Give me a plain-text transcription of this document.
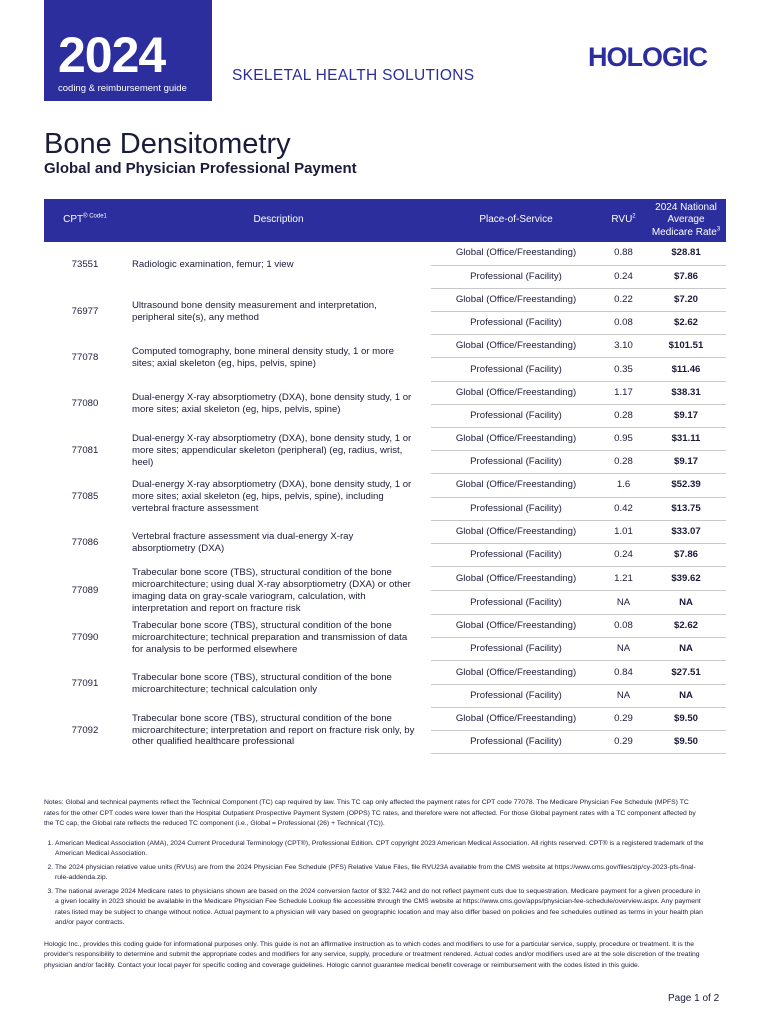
2024
coding & reimbursement guide
SKELETAL HEALTH SOLUTIONS
HOLOGIC
Bone Densitometry
Global and Physician Professional Payment
$CPT^{® Code1}$	Description	Place-of-Service	RVU$^2$	2024 National Average Medicare Rate$^3$
73551	Radiologic examination, femur; 1 view	Global (Office/Freestanding)	0.88	$28.81
		Professional (Facility)	0.24	$7.86
76977	Ultrasound bone density measurement and interpretation, peripheral site(s), any method	Global (Office/Freestanding)	0.22	$7.20
		Professional (Facility)	0.08	$2.62
77078	Computed tomography, bone mineral density study, 1 or more sites; axial skeleton (eg, hips, pelvis, spine)	Global (Office/Freestanding)	3.10	$101.51
		Professional (Facility)	0.35	$11.46
77080	Dual-energy X-ray absorptiometry (DXA), bone density study, 1 or more sites; axial skeleton (eg, hips, pelvis, spine)	Global (Office/Freestanding)	1.17	$38.31
		Professional (Facility)	0.28	$9.17
77081	Dual-energy X-ray absorptiometry (DXA), bone density study, 1 or more sites; appendicular skeleton (peripheral) (eg, radius, wrist, heel)	Global (Office/Freestanding)	0.95	$31.11
		Professional (Facility)	0.28	$9.17
77085	Dual-energy X-ray absorptiometry (DXA), bone density study, 1 or more sites; axial skeleton (eg, hips, pelvis, spine), including vertebral fracture assessment	Global (Office/Freestanding)	1.6	$52.39
		Professional (Facility)	0.42	$13.75
77086	Vertebral fracture assessment via dual-energy X-ray absorptiometry (DXA)	Global (Office/Freestanding)	1.01	$33.07
		Professional (Facility)	0.24	$7.86
77089	Trabecular bone score (TBS), structural condition of the bone microarchitecture; using dual X-ray absorptiometry (DXA) or other imaging data on gray-scale variogram, calculation, with interpretation and report on fracture risk	Global (Office/Freestanding)	1.21	$39.62
		Professional (Facility)	NA	NA
77090	Trabecular bone score (TBS), structural condition of the bone microarchitecture; technical preparation and transmission of data for analysis to be performed elsewhere	Global (Office/Freestanding)	0.08	$2.62
		Professional (Facility)	NA	NA
77091	Trabecular bone score (TBS), structural condition of the bone microarchitecture; technical calculation only	Global (Office/Freestanding)	0.84	$27.51
		Professional (Facility)	NA	NA
77092	Trabecular bone score (TBS), structural condition of the bone microarchitecture; interpretation and report on fracture risk only, by other qualified healthcare professional	Global (Office/Freestanding)	0.29	$9.50
		Professional (Facility)	0.29	$9.50

Notes: Global and technical payments reflect the Technical Component (TC) cap required by law. This TC cap only affected the payment rates for CPT code 77078. The Medicare Physician Fee Schedule (MPFS) TC rates for the other CPT codes were lower than the Hospital Outpatient Prospective Payment System (OPPS) TC rates, and therefore were not affected. For those Global payment rates with a TC component affected by the TC cap, the Global rate reflects the reduced TC component (i.e., Global = Professional (26) + Technical (TC)).

1. American Medical Association (AMA), 2024 Current Procedural Terminology (CPT®), Professional Edition. CPT copyright 2023 American Medical Association. All rights reserved. CPT® is a registered trademark of the American Medical Association.
2. The 2024 physician relative value units (RVUs) are from the 2024 Physician Fee Schedule (PFS) Relative Value Files, file RVU23A available from the CMS website at https://www.cms.gov/files/zip/cy-2023-pfs-final-rule-addenda.zip.
3. The national average 2024 Medicare rates to physicians shown are based on the 2024 conversion factor of $32.7442 and do not reflect payment cuts due to sequestration. Medicare payment for a given procedure in a given locality in 2023 should be available in the Medicare Physician Fee Schedule Lookup file accessible through the CMS website at https://www.cms.gov/apps/physician-fee-schedule/overview.aspx. Any payment rates listed may be subject to change without notice. Actual payment to a physician will vary based on geographic location and may also differ based on policies and fee schedules outlined as terms in your health plan and/or payor contracts.

Hologic Inc., provides this coding guide for informational purposes only. This guide is not an affirmative instruction as to which codes and modifiers to use for a particular service, supply, procedure or treatment. It is the provider's responsibility to determine and submit the appropriate codes and modifiers for any service, supply, procedure or treatment rendered. Actual codes and/or modifiers used are at the sole discretion of the treating physician and/or facility. Contact your local payer for specific coding and coverage guidelines. Hologic cannot guarantee medical benefit coverage or reimbursement with the codes listed in this guide.

Page 1 of 2
